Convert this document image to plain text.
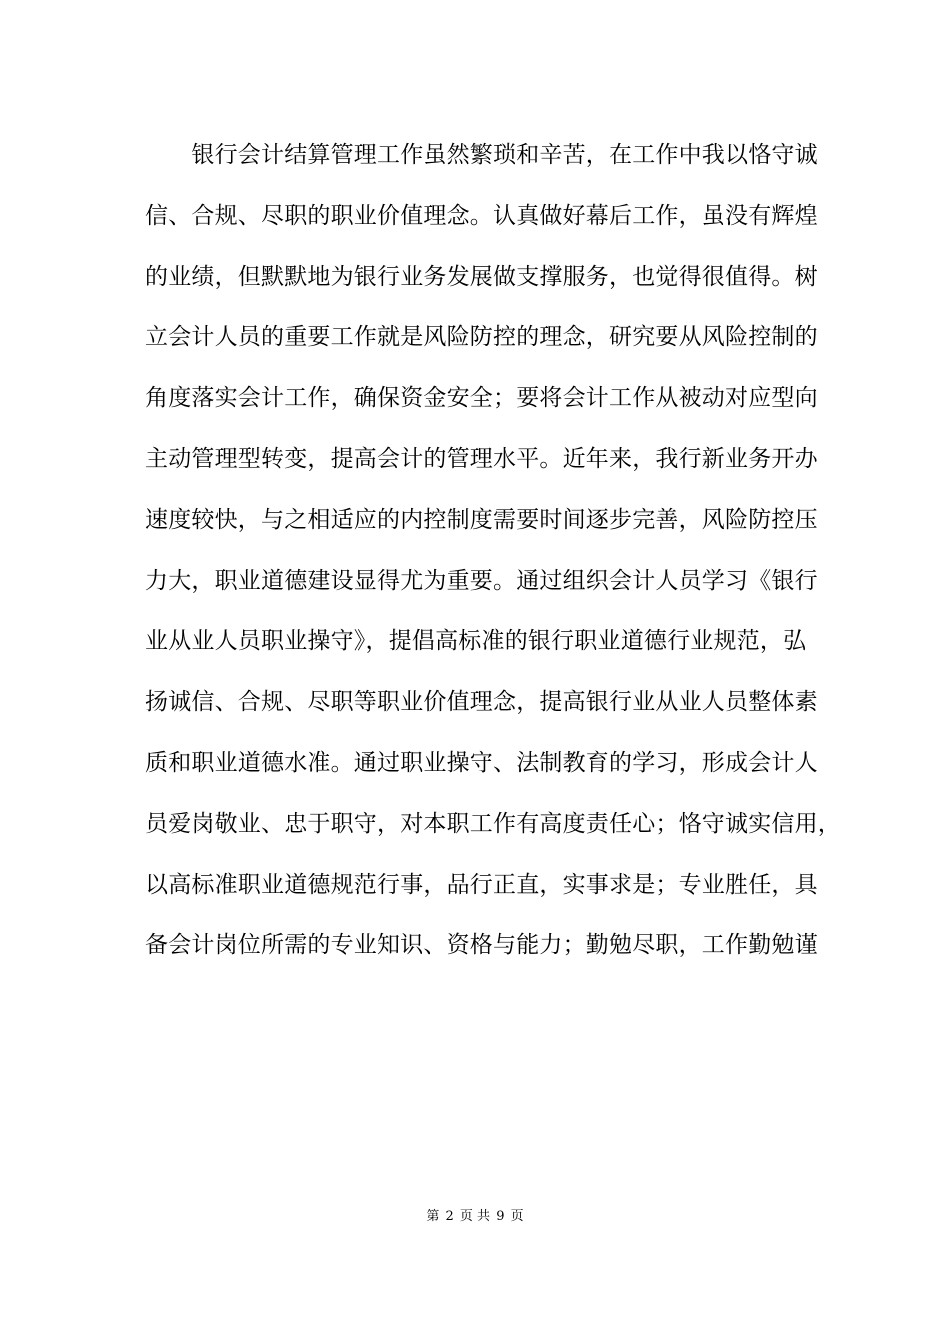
　　银行会计结算管理工作虽然繁琐和辛苦，在工作中我以恪守诚
信、合规、尽职的职业价值理念。认真做好幕后工作，虽没有辉煌
的业绩，但默默地为银行业务发展做支撑服务，也觉得很值得。树
立会计人员的重要工作就是风险防控的理念，研究要从风险控制的
角度落实会计工作，确保资金安全；要将会计工作从被动对应型向
主动管理型转变，提高会计的管理水平。近年来，我行新业务开办
速度较快，与之相适应的内控制度需要时间逐步完善，风险防控压
力大，职业道德建设显得尤为重要。通过组织会计人员学习《银行
业从业人员职业操守》，提倡高标准的银行职业道德行业规范，弘
扬诚信、合规、尽职等职业价值理念，提高银行业从业人员整体素
质和职业道德水准。通过职业操守、法制教育的学习，形成会计人
员爱岗敬业、忠于职守，对本职工作有高度责任心；恪守诚实信用，
以高标准职业道德规范行事，品行正直，实事求是；专业胜任，具
备会计岗位所需的专业知识、资格与能力；勤勉尽职，工作勤勉谨
第 2 页 共 9 页
